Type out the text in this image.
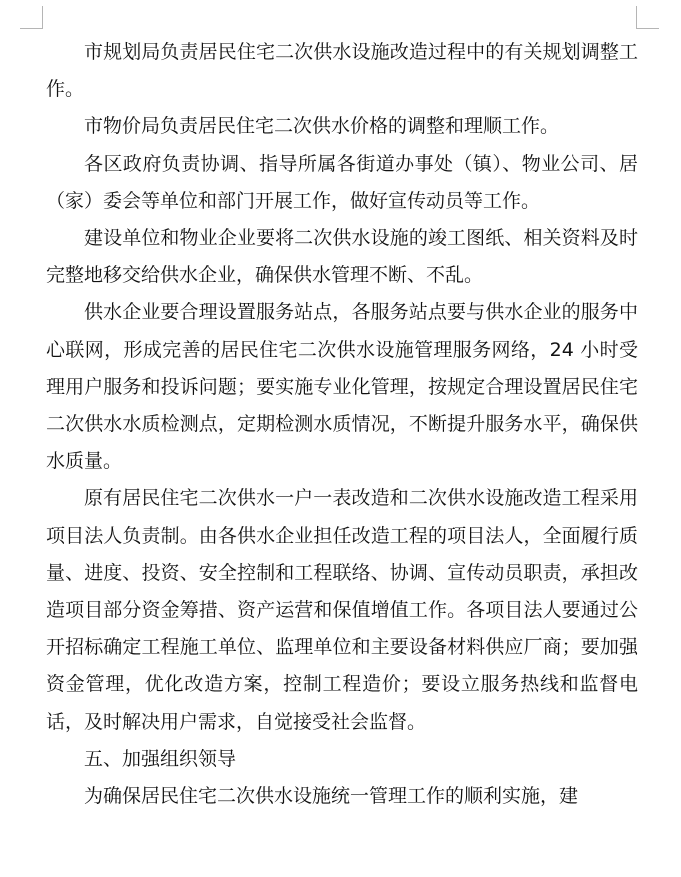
市规划局负责居民住宅二次供水设施改造过程中的有关规划调整工作。

市物价局负责居民住宅二次供水价格的调整和理顺工作。

各区政府负责协调、指导所属各街道办事处（镇）、物业公司、居（家）委会等单位和部门开展工作，做好宣传动员等工作。

建设单位和物业企业要将二次供水设施的竣工图纸、相关资料及时完整地移交给供水企业，确保供水管理不断、不乱。

供水企业要合理设置服务站点，各服务站点要与供水企业的服务中心联网，形成完善的居民住宅二次供水设施管理服务网络，24 小时受理用户服务和投诉问题；要实施专业化管理，按规定合理设置居民住宅二次供水水质检测点，定期检测水质情况，不断提升服务水平，确保供水质量。

原有居民住宅二次供水一户一表改造和二次供水设施改造工程采用项目法人负责制。由各供水企业担任改造工程的项目法人，全面履行质量、进度、投资、安全控制和工程联络、协调、宣传动员职责，承担改造项目部分资金筹措、资产运营和保值增值工作。各项目法人要通过公开招标确定工程施工单位、监理单位和主要设备材料供应厂商；要加强资金管理，优化改造方案，控制工程造价；要设立服务热线和监督电话，及时解决用户需求，自觉接受社会监督。

五、加强组织领导

为确保居民住宅二次供水设施统一管理工作的顺利实施，建
